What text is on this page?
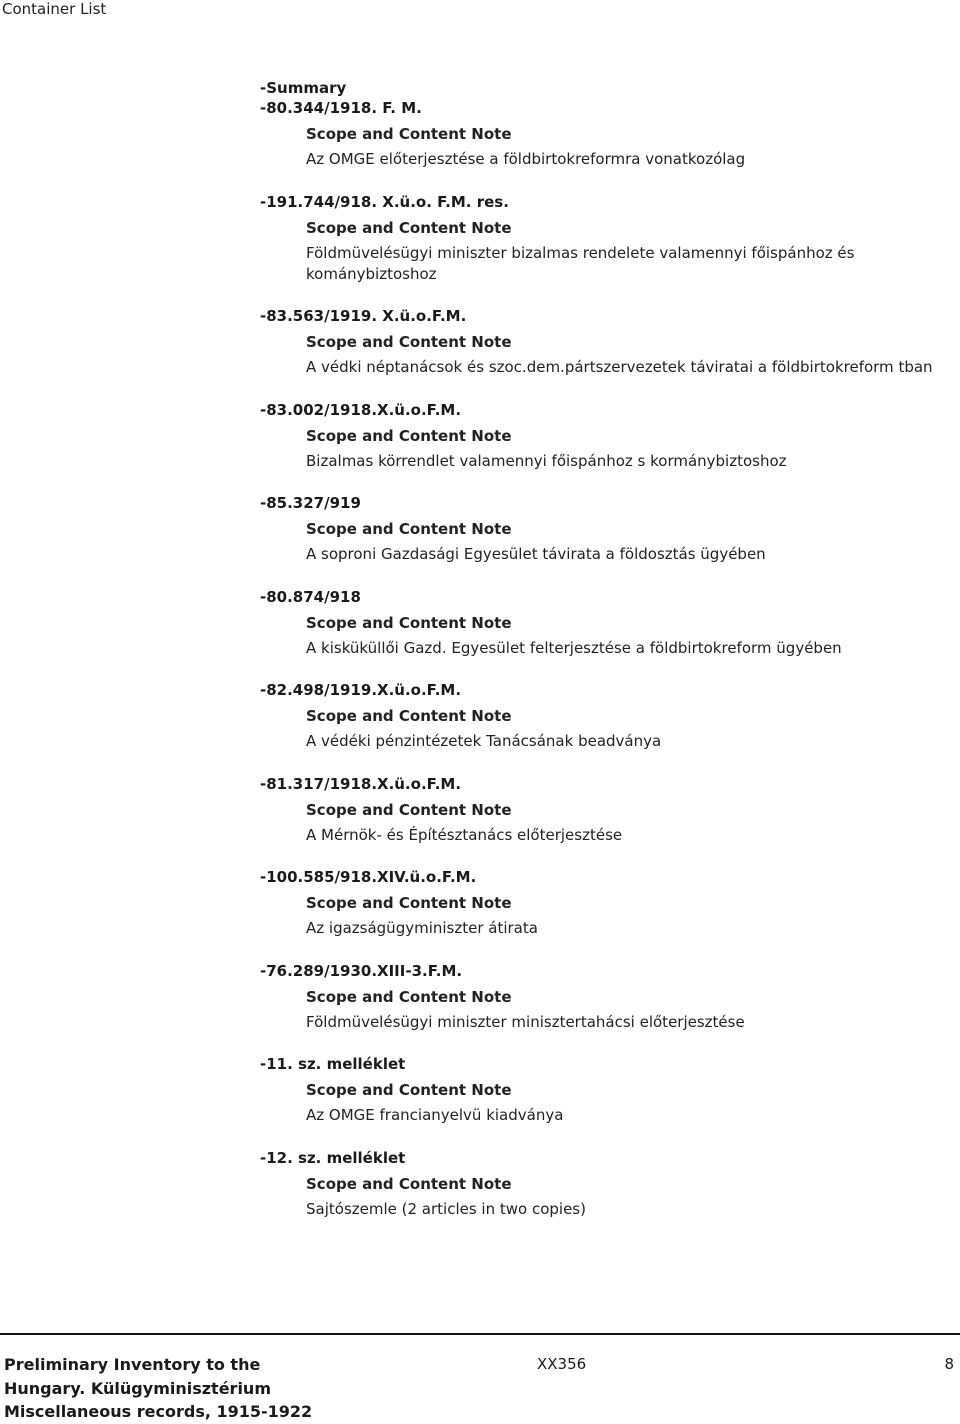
Container List
-Summary
-80.344/1918. F. M.
Scope and Content Note
Az OMGE előterjesztése a földbirtokreformra vonatkozólag
-191.744/918. X.ü.o. F.M. res.
Scope and Content Note
Földmüvelésügyi miniszter bizalmas rendelete valamennyi főispánhoz és kománybiztoshoz
-83.563/1919. X.ü.o.F.M.
Scope and Content Note
A védki néptanácsok és szoc.dem.pártszervezetek táviratai a földbirtokreform tban
-83.002/1918.X.ü.o.F.M.
Scope and Content Note
Bizalmas körrendlet valamennyi főispánhoz s kormánybiztoshoz
-85.327/919
Scope and Content Note
A soproni Gazdasági Egyesület távirata a földosztás ügyében
-80.874/918
Scope and Content Note
A kisküküllői Gazd. Egyesület felterjesztése a földbirtokreform ügyében
-82.498/1919.X.ü.o.F.M.
Scope and Content Note
A védéki pénzintézetek Tanácsának beadványa
-81.317/1918.X.ü.o.F.M.
Scope and Content Note
A Mérnök- és Építésztanács előterjesztése
-100.585/918.XIV.ü.o.F.M.
Scope and Content Note
Az igazságügyminiszter átirata
-76.289/1930.XIII-3.F.M.
Scope and Content Note
Földmüvelésügyi miniszter minisztertahácsi előterjesztése
-11. sz. melléklet
Scope and Content Note
Az OMGE francianyelvü kiadványa
-12. sz. melléklet
Scope and Content Note
Sajtószemle (2 articles in two copies)
Preliminary Inventory to the
Hungary. Külügyminisztérium
Miscellaneous records, 1915-1922
XX356	8
